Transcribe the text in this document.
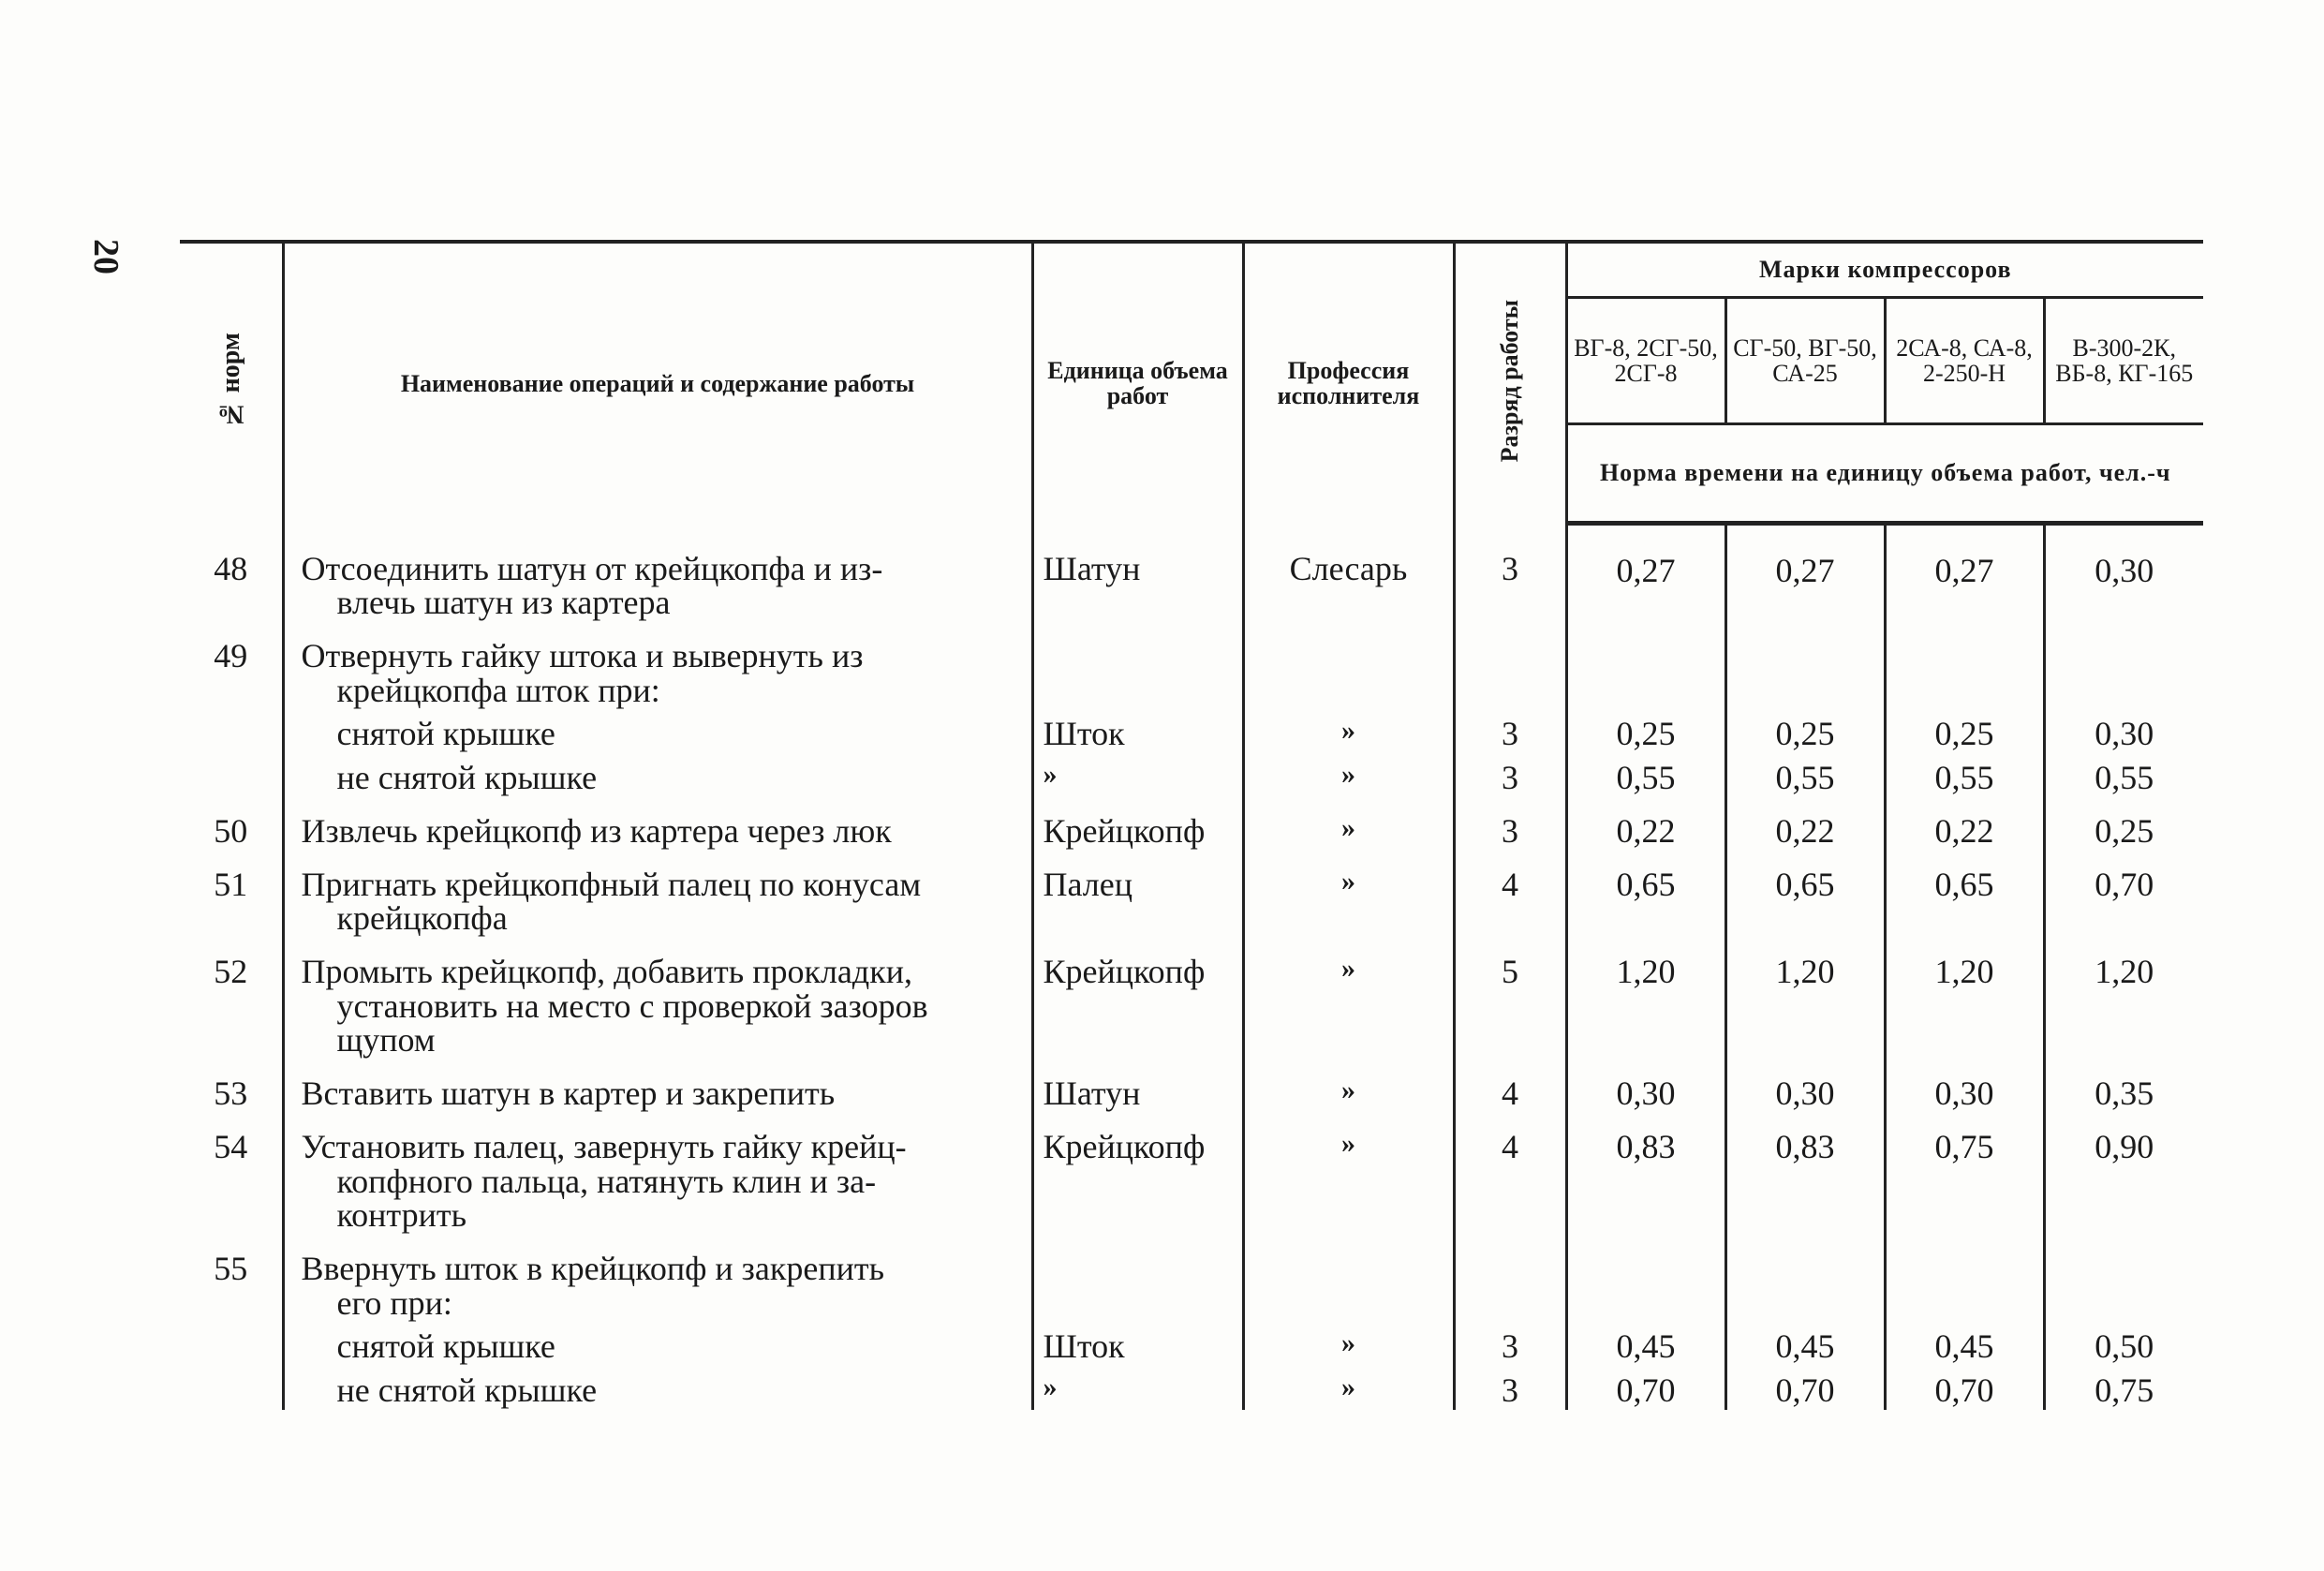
20
№ норм	Наименование операций и содержание работы	Единица объема работ	Профессия исполнителя	Разряд работы	Марки компрессоров			
					ВГ-8, 2СГ-50, 2СГ-8	СГ-50, ВГ-50, СА-25	2СА-8, СА-8, 2-250-Н	В-300-2К, ВБ-8, КГ-165
					Норма времени на единицу объема работ, чел.-ч			
48	Отсоединить шатун от крейцкопфа и из-
влечь шатун из картера	Шатун	Слесарь	3	0,27	0,27	0,27	0,30
49	Отвернуть гайку штока и вывернуть из
крейцкопфа шток при:							

	снятой крышке	Шток	»	3	0,25	0,25	0,25	0,30

	не снятой крышке	»	»	3	0,55	0,55	0,55	0,55
50	Извлечь крейцкопф из картера через люк	Крейцкопф	»	3	0,22	0,22	0,22	0,25
51	Пригнать крейцкопфный палец по конусам
крейцкопфа	Палец	»	4	0,65	0,65	0,65	0,70
52	Промыть крейцкопф, добавить прокладки,
установить на место с проверкой зазоров
щупом	Крейцкопф	»	5	1,20	1,20	1,20	1,20
53	Вставить шатун в картер и закрепить	Шатун	»	4	0,30	0,30	0,30	0,35
54	Установить палец, завернуть гайку крейц-
копфного пальца, натянуть клин и за-
контрить	Крейцкопф	»	4	0,83	0,83	0,75	0,90
55	Ввернуть шток в крейцкопф и закрепить
его при:							

	снятой крышке	Шток	»	3	0,45	0,45	0,45	0,50

	не снятой крышке	»	»	3	0,70	0,70	0,70	0,75
